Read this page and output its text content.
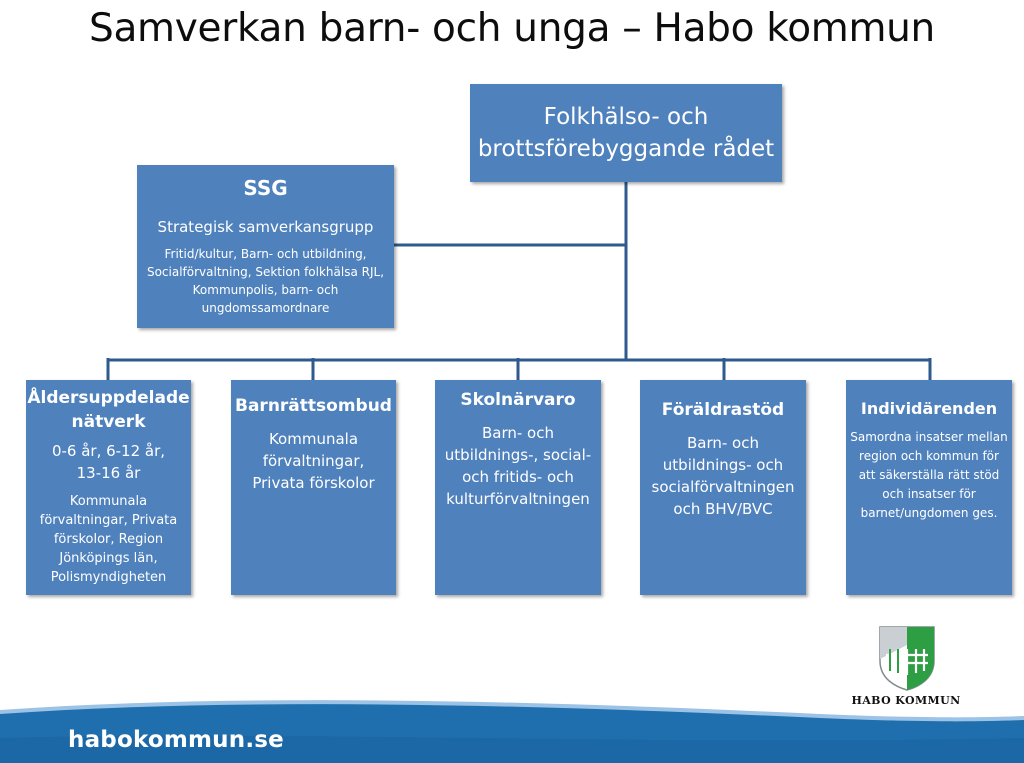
Samverkan barn- och unga – Habo kommun
Folkhälso- och
brottsförebyggande rådet
SSG
Strategisk samverkansgrupp
Fritid/kultur, Barn- och utbildning, Socialförvaltning, Sektion folkhälsa RJL, Kommunpolis, barn- och ungdomssamordnare
Åldersuppdelade nätverk
0-6 år, 6-12 år, 13-16 år
Kommunala förvaltningar, Privata förskolor, Region Jönköpings län, Polismyndigheten
Barnrättsombud
Kommunala förvaltningar, Privata förskolor
Skolnärvaro
Barn- och utbildnings-, social- och fritids- och kulturförvaltningen
Föräldrastöd
Barn- och utbildnings- och socialförvaltningen och BHV/BVC
Individärenden
Samordna insatser mellan region och kommun för att säkerställa rätt stöd och insatser för barnet/ungdomen ges.
HABO KOMMUN
habokommun.se
